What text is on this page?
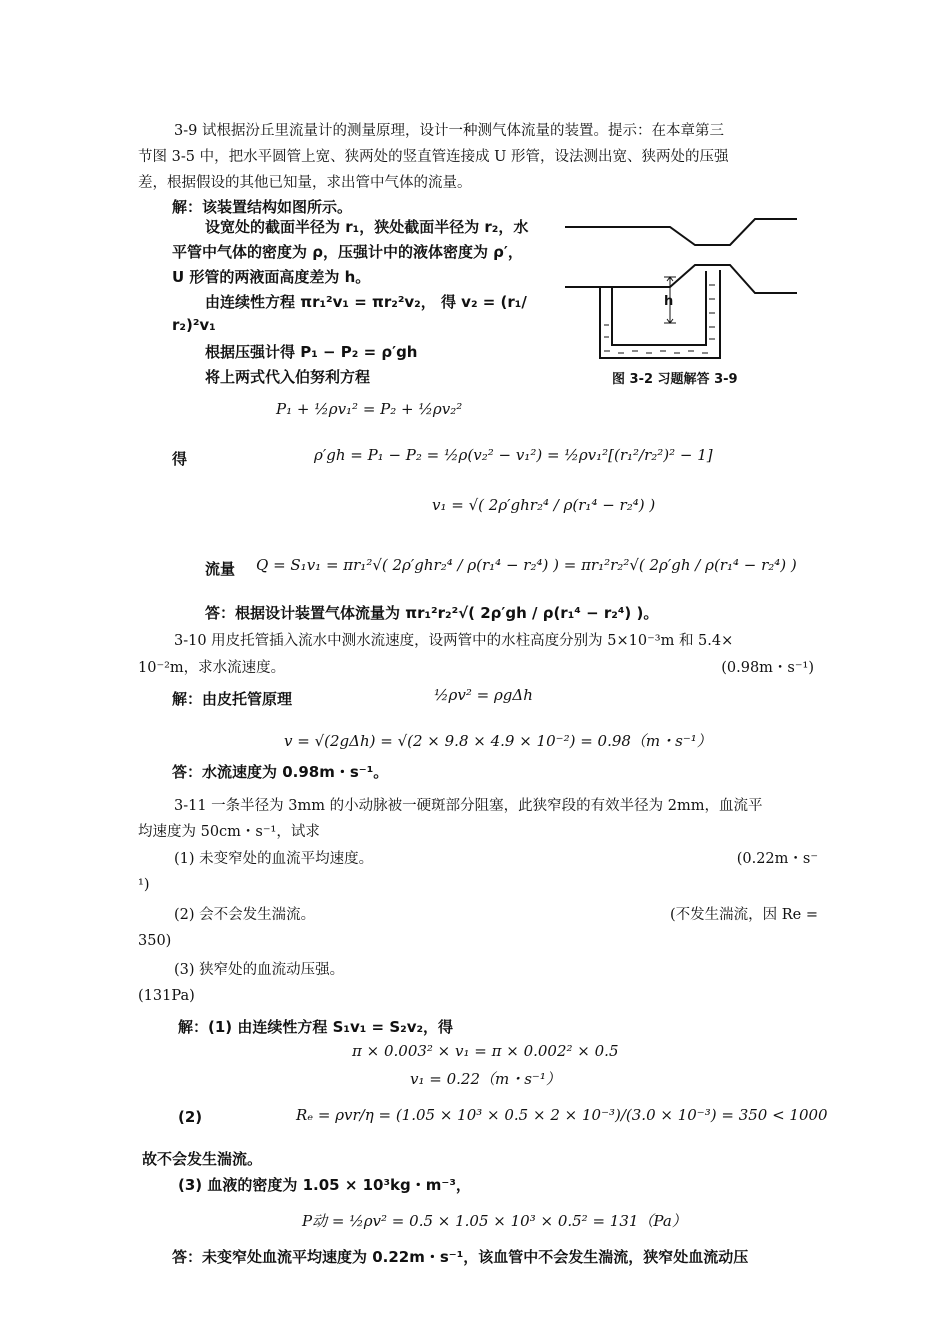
3-9 试根据汾丘里流量计的测量原理，设计一种测气体流量的装置。提示：在本章第三
节图 3-5 中，把水平圆管上宽、狭两处的竖直管连接成 U 形管，设法测出宽、狭两处的压强
差，根据假设的其他已知量，求出管中气体的流量。
解：该装置结构如图所示。
设宽处的截面半径为 r₁，狭处截面半径为 r₂，水
平管中气体的密度为 ρ，压强计中的液体密度为 ρ′，
U 形管的两液面高度差为 h。
由连续性方程 πr₁²v₁ = πr₂²v₂， 得 v₂ = (r₁/
r₂)²v₁
根据压强计得 P₁ − P₂ = ρ′gh
将上两式代入伯努利方程
h
图 3-2 习题解答 3-9
P₁ + ½ρv₁² = P₂ + ½ρv₂²
得	ρ′gh = P₁ − P₂ = ½ρ(v₂² − v₁²) = ½ρv₁²[(r₁²/r₂²)² − 1]
v₁ = √( 2ρ′ghr₂⁴ / ρ(r₁⁴ − r₂⁴) )
流量 Q = S₁v₁ = πr₁²√( 2ρ′ghr₂⁴ / ρ(r₁⁴ − r₂⁴) ) = πr₁²r₂²√( 2ρ′gh / ρ(r₁⁴ − r₂⁴) )
答：根据设计装置气体流量为 πr₁²r₂²√( 2ρ′gh / ρ(r₁⁴ − r₂⁴) )。
3-10 用皮托管插入流水中测水流速度，设两管中的水柱高度分别为 5×10⁻³m 和 5.4×
10⁻²m，求水流速度。	(0.98m・s⁻¹)
解：由皮托管原理	½ρv² = ρgΔh
v = √(2gΔh) = √(2 × 9.8 × 4.9 × 10⁻²) = 0.98（m・s⁻¹）
答：水流速度为 0.98m・s⁻¹。
3-11 一条半径为 3mm 的小动脉被一硬斑部分阻塞，此狭窄段的有效半径为 2mm，血流平
均速度为 50cm・s⁻¹，试求
(1) 未变窄处的血流平均速度。	(0.22m・s⁻
¹)
(2) 会不会发生湍流。	(不发生湍流，因 Re =
350)
(3) 狭窄处的血流动压强。
(131Pa)
解：(1) 由连续性方程 S₁v₁ = S₂v₂，得
π × 0.003² × v₁ = π × 0.002² × 0.5
v₁ = 0.22（m・s⁻¹）
(2)	Rₑ = ρvr/η = (1.05 × 10³ × 0.5 × 2 × 10⁻³)/(3.0 × 10⁻³) = 350 < 1000
故不会发生湍流。
(3) 血液的密度为 1.05 × 10³kg・m⁻³，
P动 = ½ρv² = 0.5 × 1.05 × 10³ × 0.5² = 131（Pa）
答：未变窄处血流平均速度为 0.22m・s⁻¹，该血管中不会发生湍流，狭窄处血流动压
